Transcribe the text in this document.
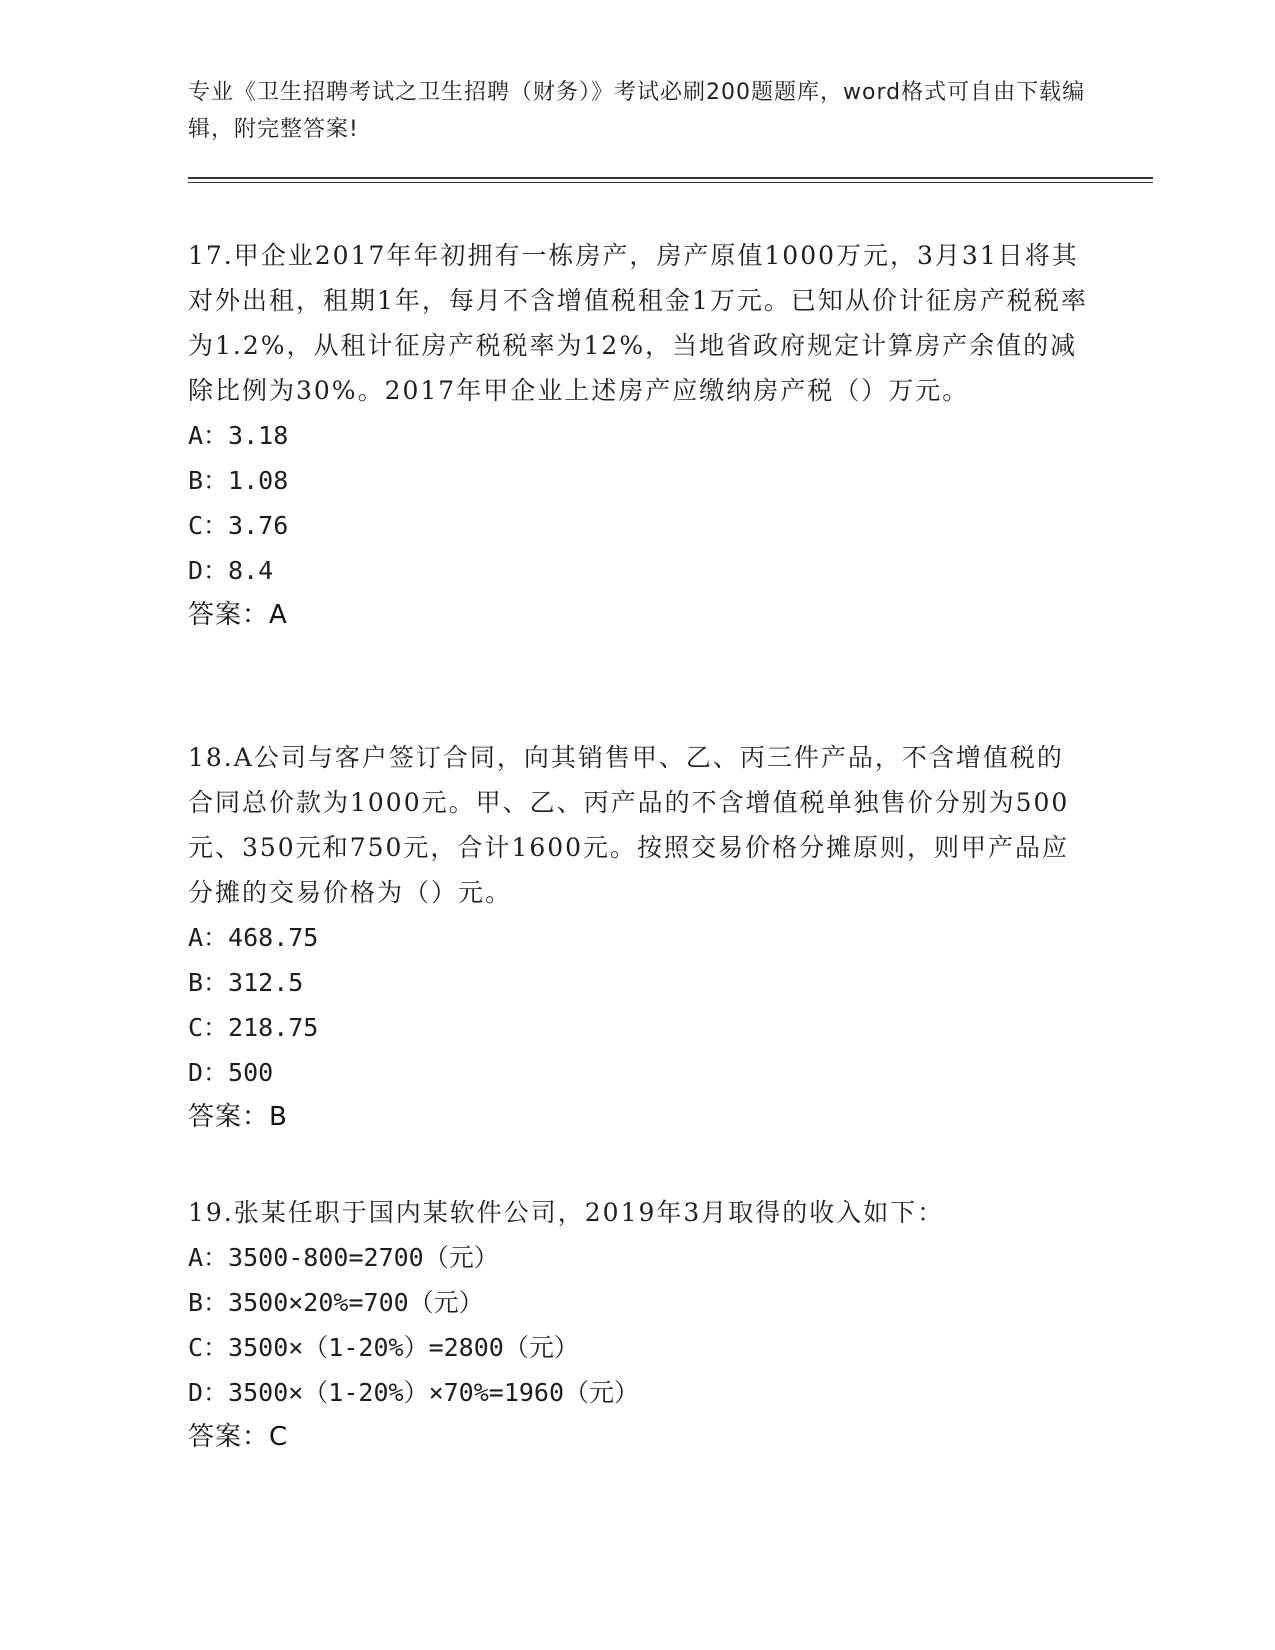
专业《卫生招聘考试之卫生招聘（财务）》考试必刷200题题库，word格式可自由下载编辑，附完整答案!

17.甲企业2017年年初拥有一栋房产，房产原值1000万元，3月31日将其对外出租，租期1年，每月不含增值税租金1万元。已知从价计征房产税税率为1.2%，从租计征房产税税率为12%，当地省政府规定计算房产余值的减除比例为30%。2017年甲企业上述房产应缴纳房产税（）万元。

A：3.18
B：1.08
C：3.76
D：8.4
答案：A

18.A公司与客户签订合同，向其销售甲、乙、丙三件产品，不含增值税的合同总价款为1000元。甲、乙、丙产品的不含增值税单独售价分别为500元、350元和750元，合计1600元。按照交易价格分摊原则，则甲产品应分摊的交易价格为（）元。

A：468.75
B：312.5
C：218.75
D：500
答案：B

19.张某任职于国内某软件公司，2019年3月取得的收入如下：

A：3500-800=2700（元）
B：3500×20%=700（元）
C：3500×（1-20%）=2800（元）
D：3500×（1-20%）×70%=1960（元）
答案：C
